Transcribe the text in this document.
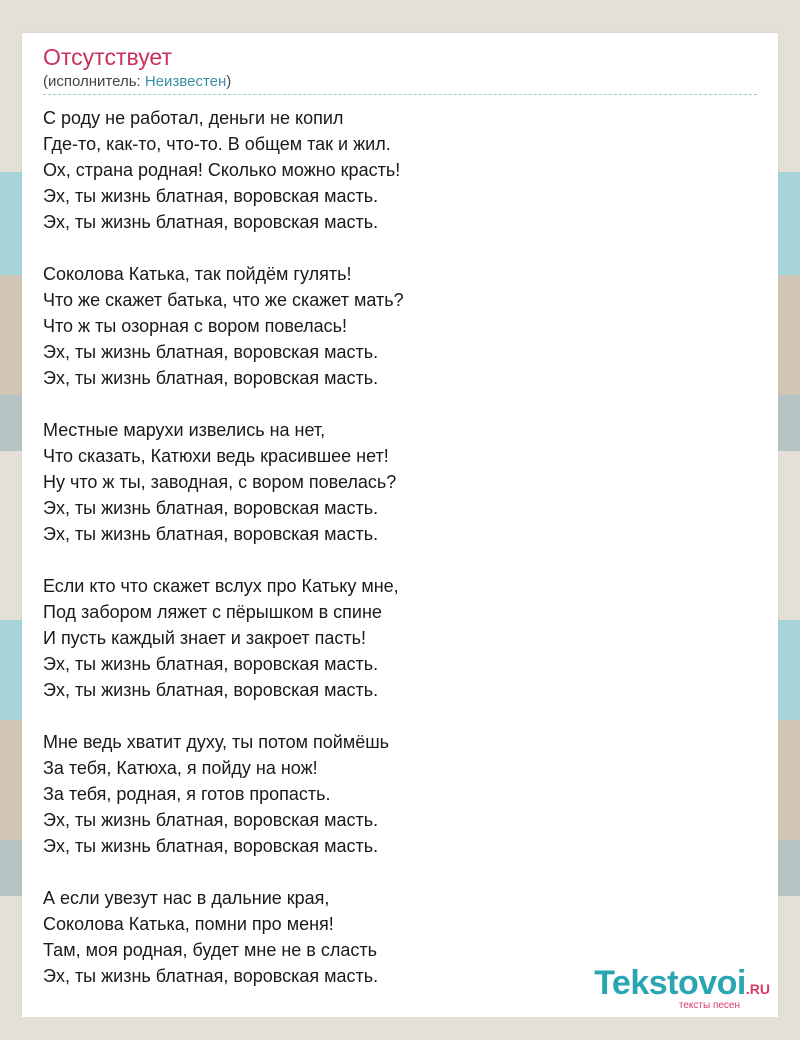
Отсутствует
(исполнитель: Неизвестен)
С роду не работал, деньги не копил
Где-то, как-то, что-то. В общем так и жил.
Ох, страна родная! Сколько можно красть!
Эх, ты жизнь блатная, воровская масть.
Эх, ты жизнь блатная, воровская масть.
Соколова Катька, так пойдём гулять!
Что же скажет батька, что же скажет мать?
Что ж ты озорная с вором повелась!
Эх, ты жизнь блатная, воровская масть.
Эх, ты жизнь блатная, воровская масть.
Местные марухи извелись на нет,
Что сказать, Катюхи ведь красившее нет!
Ну что ж ты, заводная, с вором повелась?
Эх, ты жизнь блатная, воровская масть.
Эх, ты жизнь блатная, воровская масть.
Если кто что скажет вслух про Катьку мне,
Под забором ляжет с пёрышком в спине
И пусть каждый знает и закроет пасть!
Эх, ты жизнь блатная, воровская масть.
Эх, ты жизнь блатная, воровская масть.
Мне ведь хватит духу, ты потом поймёшь
За тебя, Катюха, я пойду на нож!
За тебя, родная, я готов пропасть.
Эх, ты жизнь блатная, воровская масть.
Эх, ты жизнь блатная, воровская масть.
А если увезут нас в дальние края,
Соколова Катька, помни про меня!
Там, моя родная, будет мне не в сласть
Эх, ты жизнь блатная, воровская масть.	Tekstovoi.RU
тексты песен
